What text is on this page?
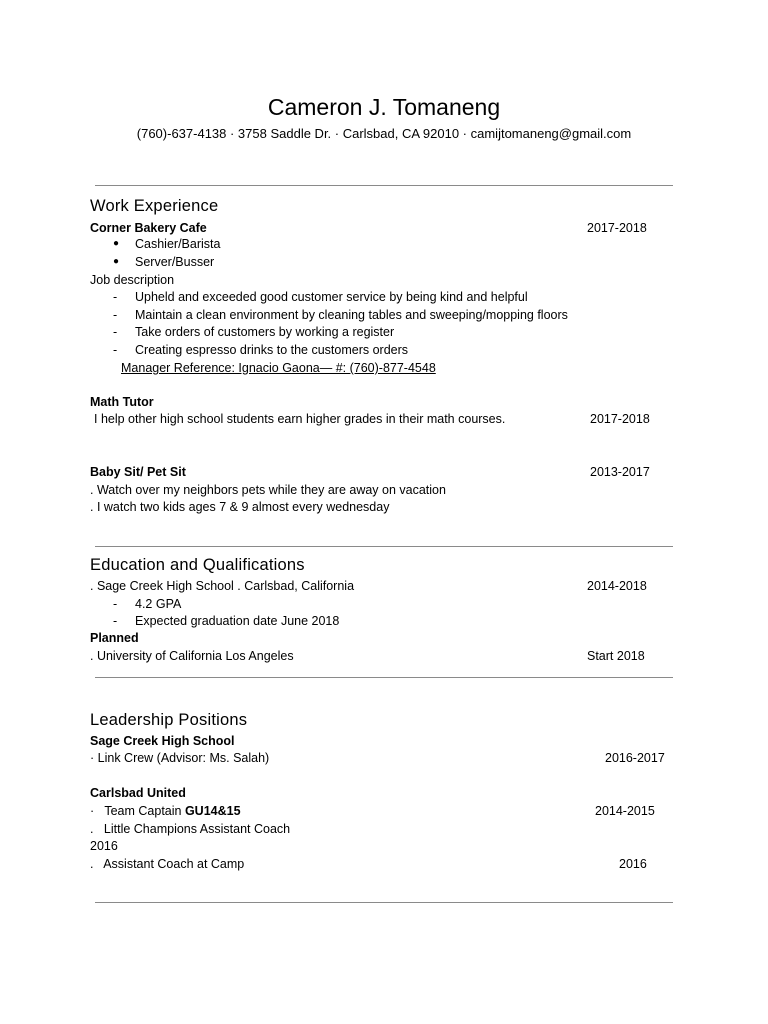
Cameron J. Tomaneng
(760)-637-4138 · 3758 Saddle Dr. · Carlsbad, CA 92010 · camijtomaneng@gmail.com
Work Experience
Corner Bakery Cafe	2017-2018
● Cashier/Barista
● Server/Busser
Job description
- Upheld and exceeded good customer service by being kind and helpful
- Maintain a clean environment by cleaning tables and sweeping/mopping floors
- Take orders of customers by working a register
- Creating espresso drinks to the customers orders
Manager Reference: Ignacio Gaona— #: (760)-877-4548
Math Tutor
I help other high school students earn higher grades in their math courses.	2017-2018
Baby Sit/ Pet Sit	2013-2017
. Watch over my neighbors pets while they are away on vacation
. I watch two kids ages 7 & 9 almost every wednesday
Education and Qualifications
. Sage Creek High School . Carlsbad, California	2014-2018
- 4.2 GPA
- Expected graduation date June 2018
Planned
. University of California Los Angeles	Start 2018
Leadership Positions
Sage Creek High School
· Link Crew (Advisor: Ms. Salah)	2016-2017
Carlsbad United
·   Team Captain GU14&15	2014-2015
.   Little Champions Assistant Coach
2016
.   Assistant Coach at Camp	2016
